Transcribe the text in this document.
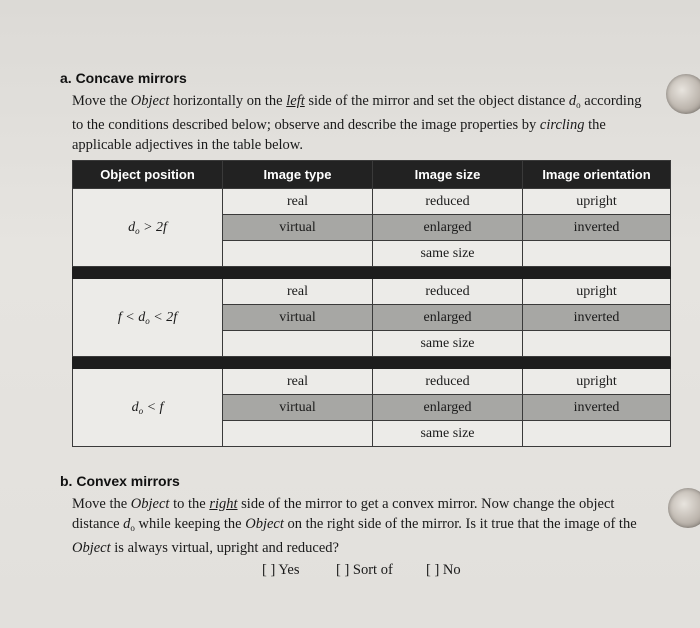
a. Concave mirrors
Move the Object horizontally on the left side of the mirror and set the object distance $d_o$ according
to the conditions described below; observe and describe the image properties by circling the
applicable adjectives in the table below.
Object position	Image type	Image size	Image orientation
$d_o > 2f$	real	reduced	upright
	virtual	enlarged	inverted
		same size	

$f < d_o < 2f$	real	reduced	upright
	virtual	enlarged	inverted
		same size	

$d_o < f$	real	reduced	upright
	virtual	enlarged	inverted
		same size	
b. Convex mirrors
Move the Object to the right side of the mirror to get a convex mirror. Now change the object
distance $d_o$ while keeping the Object on the right side of the mirror. Is it true that the image of the
Object is always virtual, upright and reduced?
[ ] Yes	[ ] Sort of [ ] No
